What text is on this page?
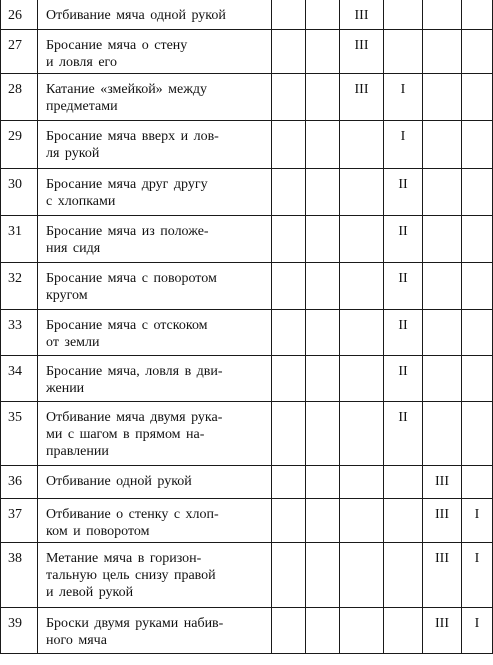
26	Отбивание мяча одной рукой			III			
27	Бросание мяча о стену
и ловля его			III			
28	Катание «змейкой» между
предметами			III	I		
29	Бросание мяча вверх и лов-
ля рукой				I		
30	Бросание мяча друг другу
с хлопками				II		
31	Бросание мяча из положе-
ния сидя				II		
32	Бросание мяча с поворотом
кругом				II		
33	Бросание мяча с отскоком
от земли				II		
34	Бросание мяча, ловля в дви-
жении				II		
35	Отбивание мяча двумя рука-
ми с шагом в прямом на-
правлении				II		
36	Отбивание одной рукой					III	
37	Отбивание о стенку с хлоп-
ком и поворотом					III	I
38	Метание мяча в горизон-
тальную цель снизу правой
и левой рукой					III	I
39	Броски двумя руками набив-
ного мяча					III	I
